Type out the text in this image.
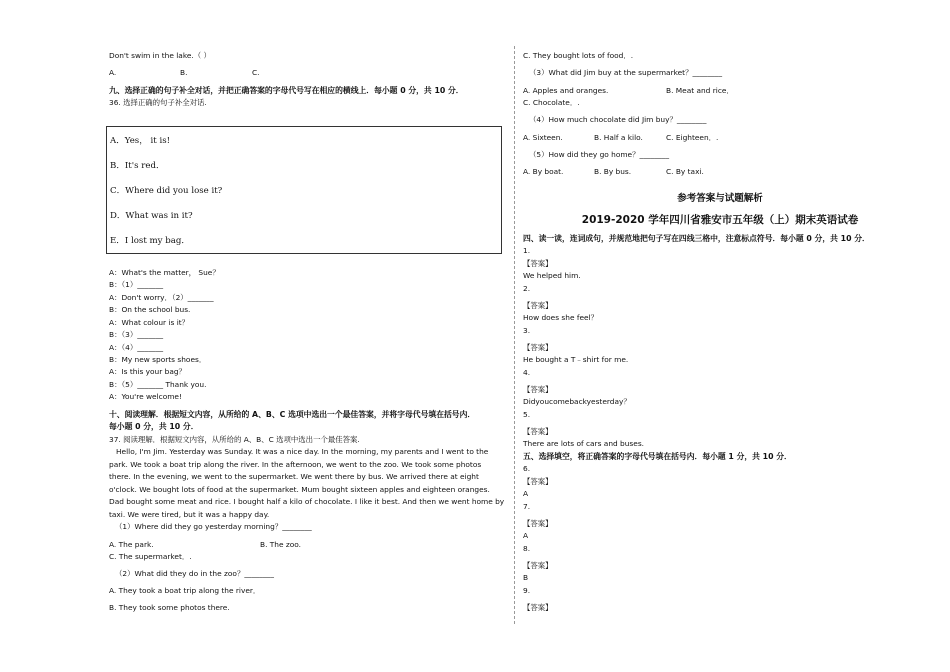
Don't swim in the lake.（ ）
A.	B.	C.
九、选择正确的句子补全对话，并把正确答案的字母代号写在相应的横线上．每小题 0 分，共 10 分．
36. 选择正确的句子补全对话.
A．Yes， it is!
B．It's red．
C．Where did you lose it?
D．What was in it?
E．I lost my bag．
A：What's the matter， Sue？
B：（1）_______
A：Don't worry．（2）_______
B：On the school bus.
A：What colour is it？
B：（3）_______
A：（4）_______
B：My new sports shoes．
A：Is this your bag？
B：（5）_______ Thank you.
A：You're welcome!
十、阅读理解．根据短文内容，从所给的 A、B、C 选项中选出一个最佳答案，并将字母代号填在括号内．
每小题 0 分，共 10 分．
37. 阅读理解．根据短文内容，从所给的 A、B、C 选项中选出一个最佳答案.
Hello, I'm Jim. Yesterday was Sunday. It was a nice day. In the morning, my parents and I went to the park. We took a boat trip along the river. In the afternoon, we went to the zoo. We took some photos there. In the evening, we went to the supermarket. We went there by bus. We arrived there at eight o'clock. We bought lots of food at the supermarket. Mum bought sixteen apples and eighteen oranges. Dad bought some meat and rice. I bought half a kilo of chocolate. I like it best. And then we went home by taxi. We were tired, but it was a happy day.
（1）Where did they go yesterday morning？________
A. The park.	B. The zoo.
C. The supermarket．.
（2）What did they do in the zoo？________
A. They took a boat trip along the river．
B. They took some photos there.
C. They bought lots of food．.
（3）What did Jim buy at the supermarket？________
A. Apples and oranges.	B. Meat and rice．
C. Chocolate．.
（4）How much chocolate did Jim buy？________
A. Sixteen.	B. Half a kilo.	C. Eighteen．.
（5）How did they go home？________
A. By boat.	B. By bus.	C. By taxi.
参考答案与试题解析
2019-2020 学年四川省雅安市五年级（上）期末英语试卷
四、读一读，连词成句，并规范地把句子写在四线三格中，注意标点符号．每小题 0 分，共 10 分．
1.
【答案】
We helped him.
2.
【答案】
How does she feel？
3.
【答案】
He bought a T﹣shirt for me.
4.
【答案】
Didyoucomebackyesterday？
5.
【答案】
There are lots of cars and buses.
五、选择填空，将正确答案的字母代号填在括号内．每小题 1 分，共 10 分．
6.
【答案】
A
7.
【答案】
A
8.
【答案】
B
9.
【答案】
